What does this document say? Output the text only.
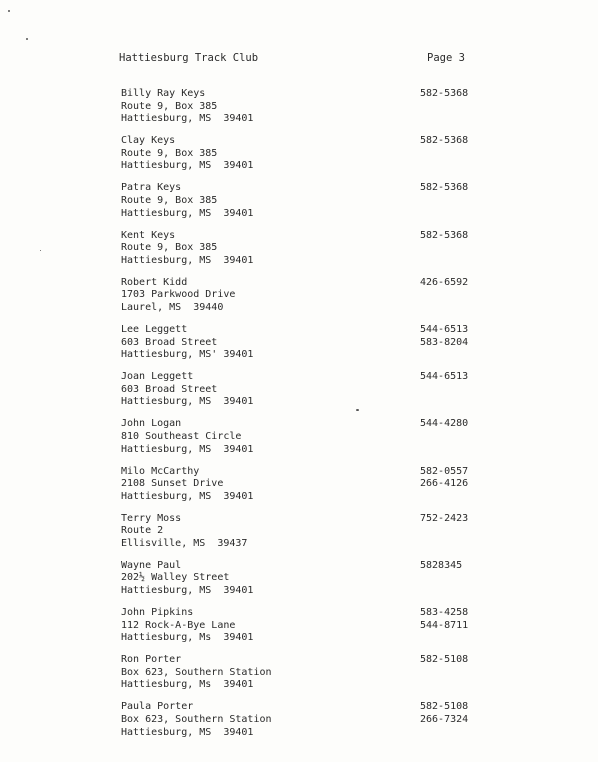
Hattiesburg Track Club	Page 3
Billy Ray Keys
Route 9, Box 385
Hattiesburg, MS  39401
582-5368
Clay Keys
Route 9, Box 385
Hattiesburg, MS  39401
582-5368
Patra Keys
Route 9, Box 385
Hattiesburg, MS  39401
582-5368
Kent Keys
Route 9, Box 385
Hattiesburg, MS  39401
582-5368
Robert Kidd
1703 Parkwood Drive
Laurel, MS  39440
426-6592
Lee Leggett
603 Broad Street
Hattiesburg, MS' 39401
544-6513
583-8204
Joan Leggett
603 Broad Street
Hattiesburg, MS  39401
544-6513
John Logan
810 Southeast Circle
Hattiesburg, MS  39401
544-4280
Milo McCarthy
2108 Sunset Drive
Hattiesburg, MS  39401
582-0557
266-4126
Terry Moss
Route 2
Ellisville, MS  39437
752-2423
Wayne Paul
202½ Walley Street
Hattiesburg, MS  39401
5828345
John Pipkins
112 Rock-A-Bye Lane
Hattiesburg, Ms  39401
583-4258
544-8711
Ron Porter
Box 623, Southern Station
Hattiesburg, Ms  39401
582-5108
Paula Porter
Box 623, Southern Station
Hattiesburg, MS  39401
582-5108
266-7324
